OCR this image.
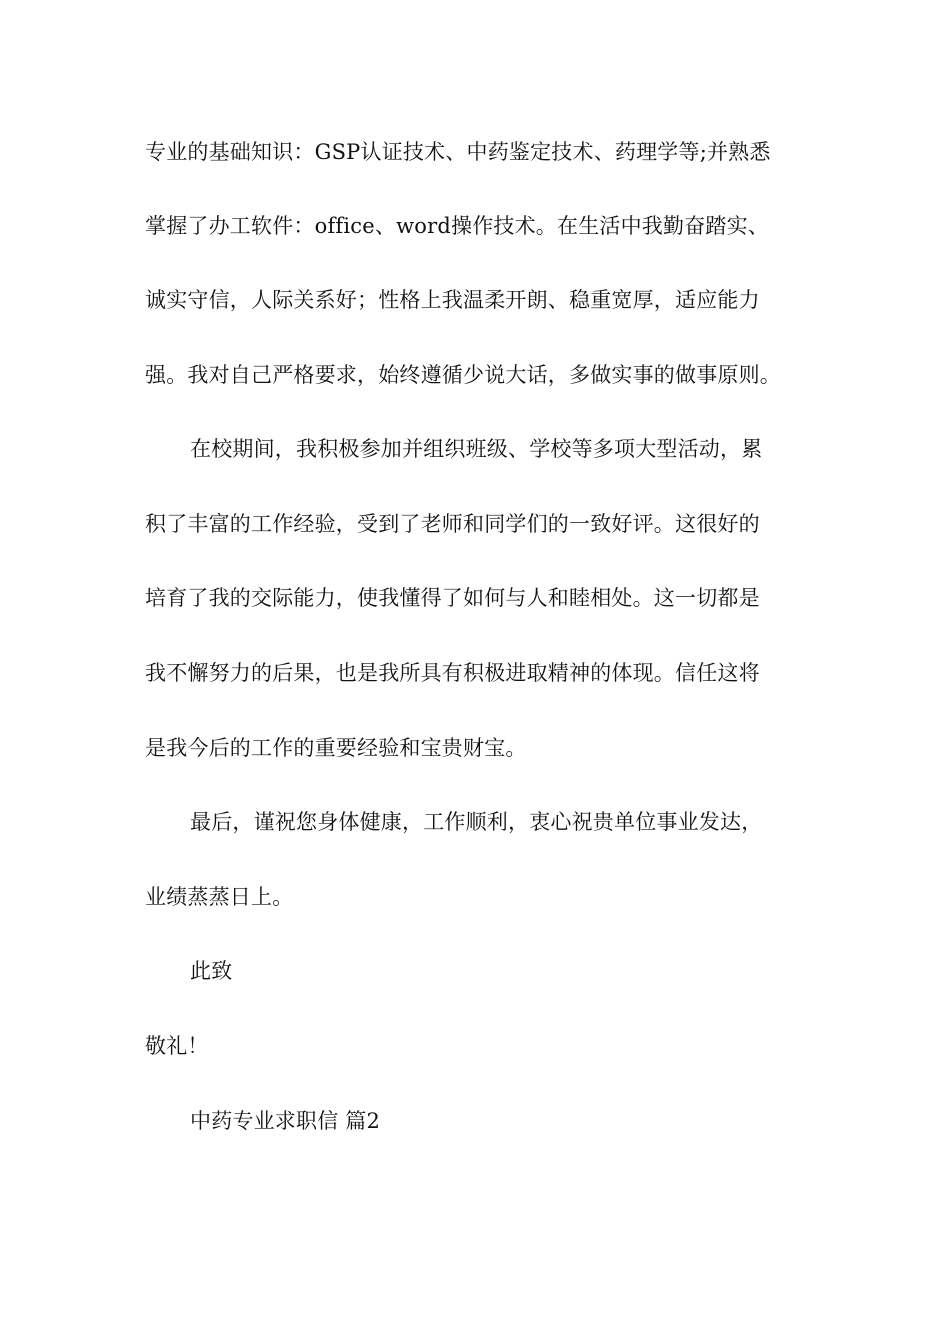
专业的基础知识：GSP认证技术、中药鉴定技术、药理学等;并熟悉

掌握了办工软件：office、word操作技术。在生活中我勤奋踏实、

诚实守信，人际关系好；性格上我温柔开朗、稳重宽厚，适应能力

强。我对自己严格要求，始终遵循少说大话，多做实事的做事原则。

在校期间，我积极参加并组织班级、学校等多项大型活动，累

积了丰富的工作经验，受到了老师和同学们的一致好评。这很好的

培育了我的交际能力，使我懂得了如何与人和睦相处。这一切都是

我不懈努力的后果，也是我所具有积极进取精神的体现。信任这将

是我今后的工作的重要经验和宝贵财宝。

最后，谨祝您身体健康，工作顺利，衷心祝贵单位事业发达，

业绩蒸蒸日上。

此致

敬礼！

中药专业求职信 篇2
